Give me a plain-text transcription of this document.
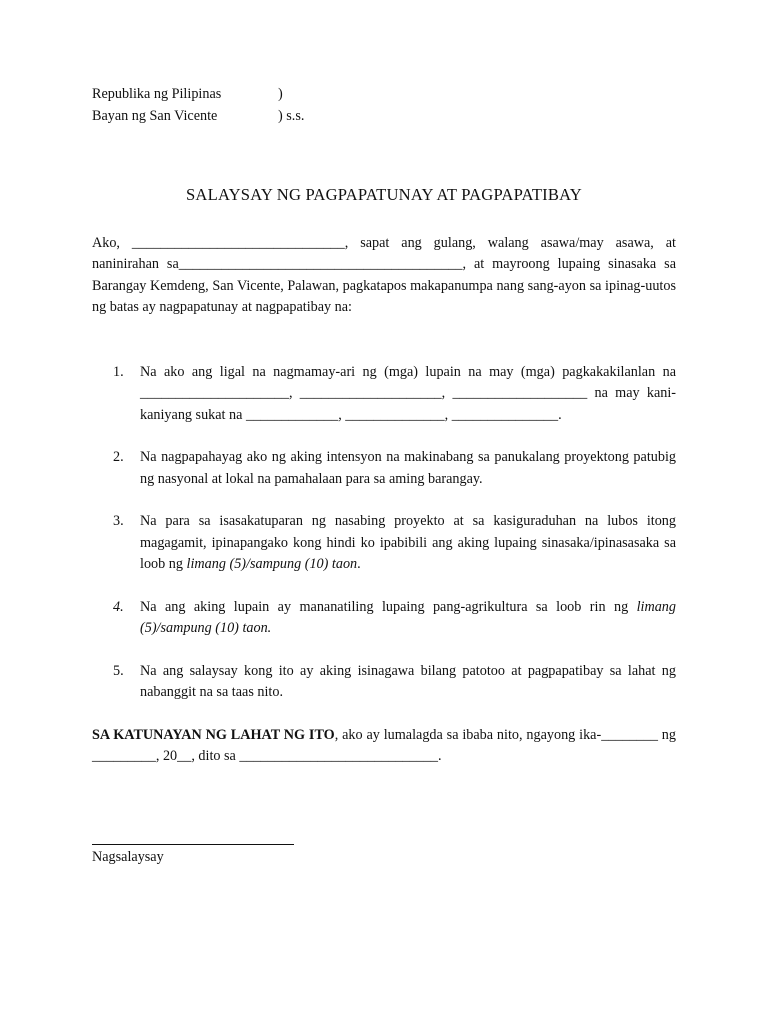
Republika ng Pilipinas	)
Bayan ng San Vicente	) s.s.
SALAYSAY NG PAGPAPATUNAY AT PAGPAPATIBAY

Ako, ______________________________, sapat ang gulang, walang asawa/may asawa, at naninirahan sa________________________________________, at mayroong lupaing sinasaka sa Barangay Kemdeng, San Vicente, Palawan, pagkatapos makapanumpa nang sang-ayon sa ipinag-uutos ng batas ay nagpapatunay at nagpapatibay na:

1. Na ako ang ligal na nagmamay-ari ng (mga) lupain na may (mga) pagkakakilanlan na _____________________, ____________________, ___________________ na may kani-kaniyang sukat na _____________, ______________, _______________.
2. Na nagpapahayag ako ng aking intensyon na makinabang sa panukalang proyektong patubig ng nasyonal at lokal na pamahalaan para sa aming barangay.
3. Na para sa isasakatuparan ng nasabing proyekto at sa kasiguraduhan na lubos itong magagamit, ipinapangako kong hindi ko ipabibili ang aking lupaing sinasaka/ipinasasaka sa loob ng limang (5)/sampung (10) taon.
4. Na ang aking lupain ay mananatiling lupaing pang-agrikultura sa loob rin ng limang (5)/sampung (10) taon.
5. Na ang salaysay kong ito ay aking isinagawa bilang patotoo at pagpapatibay sa lahat ng nabanggit na sa taas nito.

SA KATUNAYAN NG LAHAT NG ITO, ako ay lumalagda sa ibaba nito, ngayong ika-________ ng _________, 20__, dito sa ____________________________.

Nagsalaysay
